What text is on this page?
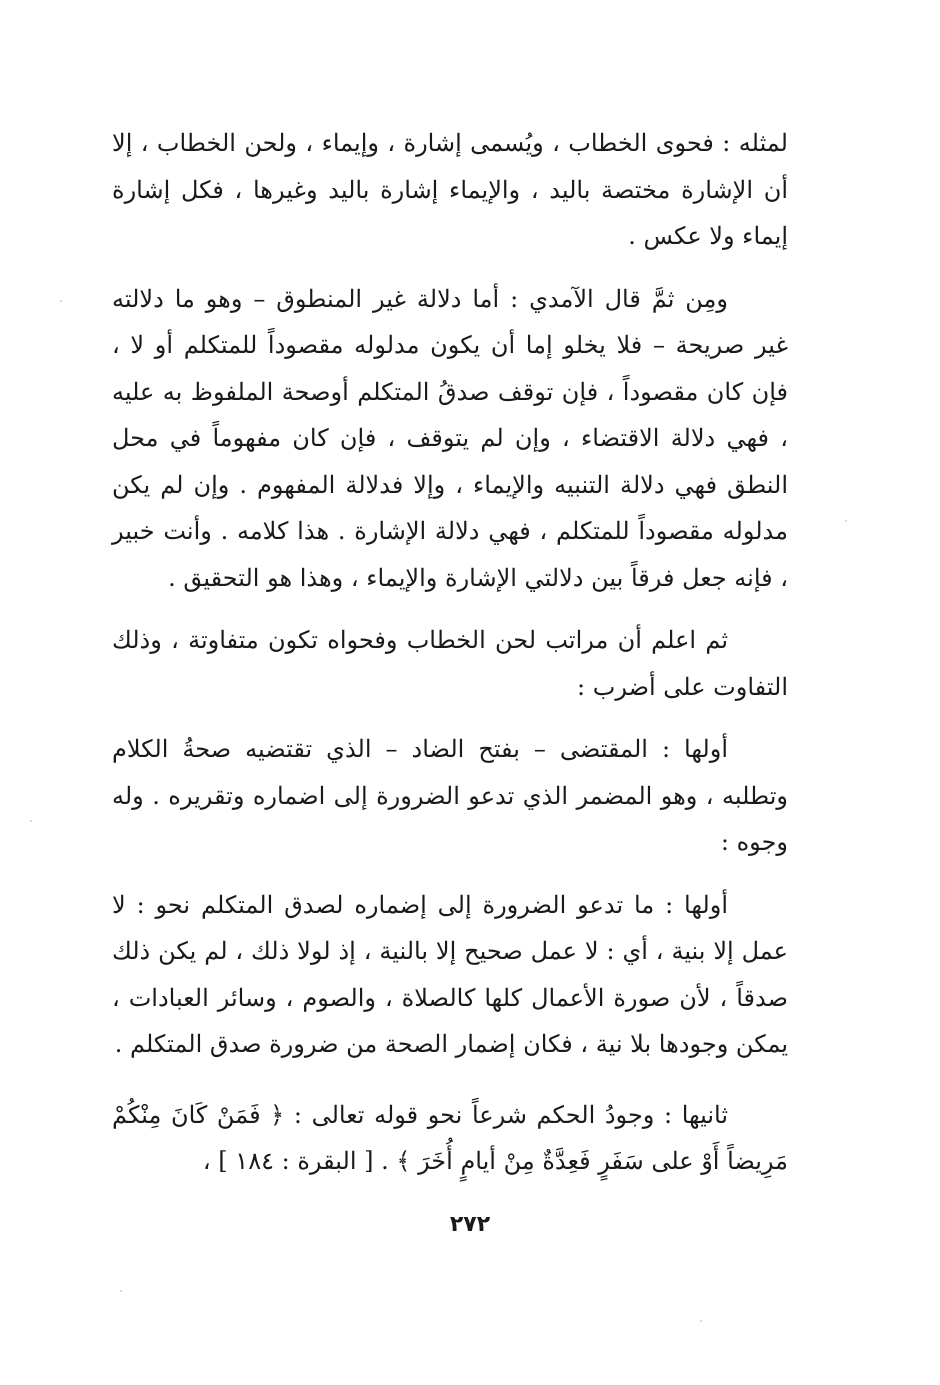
لمثله : فحوى الخطاب ، ويُسمى إشارة ، وإيماء ، ولحن الخطاب ، إلا أن الإشارة مختصة باليد ، والإيماء إشارة باليد وغيرها ، فكل إشارة إيماء ولا عكس .

ومِن ثمَّ قال الآمدي : أما دلالة غير المنطوق – وهو ما دلالته غير صريحة – فلا يخلو إما أن يكون مدلوله مقصوداً للمتكلم أو لا ، فإن كان مقصوداً ، فإن توقف صدقُ المتكلم أوصحة الملفوظ به عليه ، فهي دلالة الاقتضاء ، وإن لم يتوقف ، فإن كان مفهوماً في محل النطق فهي دلالة التنبيه والإيماء ، وإلا فدلالة المفهوم . وإن لم يكن مدلوله مقصوداً للمتكلم ، فهي دلالة الإشارة . هذا كلامه . وأنت خبير ، فإنه جعل فرقاً بين دلالتي الإشارة والإيماء ، وهذا هو التحقيق .

ثم اعلم أن مراتب لحن الخطاب وفحواه تكون متفاوتة ، وذلك التفاوت على أضرب :

أولها : المقتضى – بفتح الضاد – الذي تقتضيه صحةُ الكلام وتطلبه ، وهو المضمر الذي تدعو الضرورة إلى اضماره وتقريره . وله وجوه :

أولها : ما تدعو الضرورة إلى إضماره لصدق المتكلم نحو : لا عمل إلا بنية ، أي : لا عمل صحيح إلا بالنية ، إذ لولا ذلك ، لم يكن ذلك صدقاً ، لأن صورة الأعمال كلها كالصلاة ، والصوم ، وسائر العبادات ، يمكن وجودها بلا نية ، فكان إضمار الصحة من ضرورة صدق المتكلم .

ثانيها : وجودُ الحكم شرعاً نحو قوله تعالى : ﴿ فَمَنْ كَانَ مِنْكُمْ مَرِيضاً أَوْ على سَفَرٍ فَعِدَّةٌ مِنْ أيامٍ أُخَرَ ﴾ . [ البقرة : ١٨٤ ] ،

٢٧٢
